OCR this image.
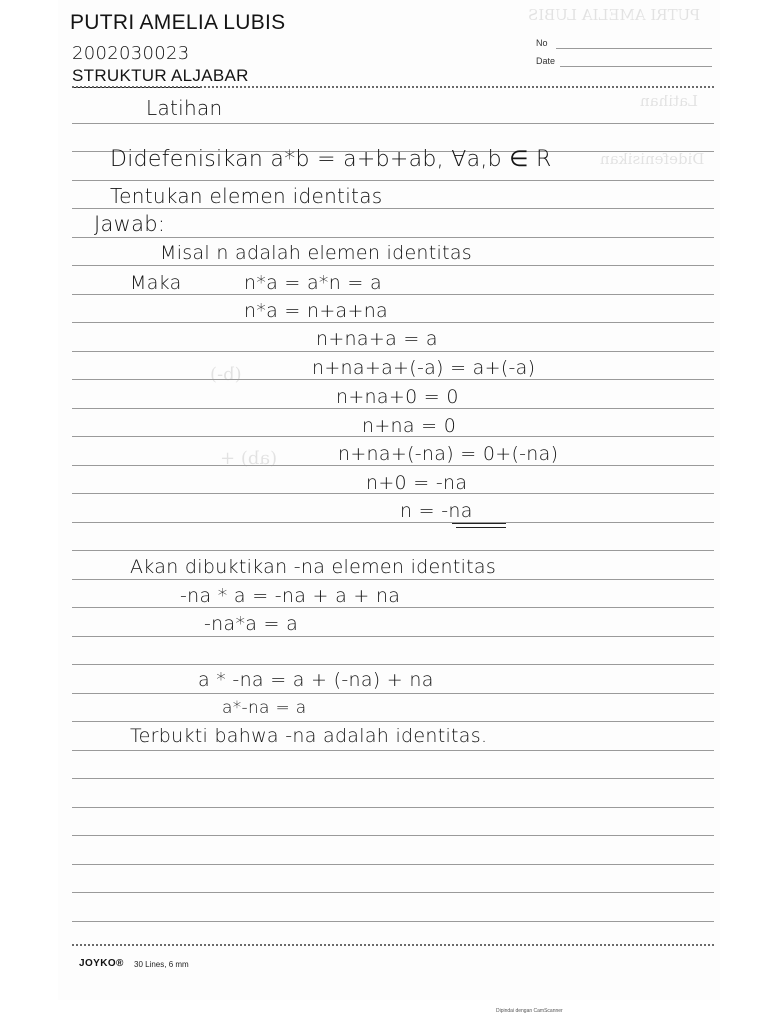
PUTRI AMELIA LUBIS
2002030023
STRUKTUR ALJABAR
No
Date
Latihan
Didefenisikan a*b = a+b+ab, ∀a,b ∈ R
Tentukan elemen identitas
Jawab:
Misal n adalah elemen identitas
Maka	n*a = a*n = a
n*a = n+a+na
n+na+a = a
n+na+a+(-a) = a+(-a)
n+na+0 = 0
n+na = 0
n+na+(-na) = 0+(-na)
n+0 = -na
n = -na
Akan dibuktikan -na elemen identitas
-na * a = -na + a + na
-na*a = a
a * -na = a + (-na) + na
a*-na = a
Terbukti bahwa -na adalah identitas.
JOYKO® 30 Lines, 6 mm
Dipindai dengan CamScanner
